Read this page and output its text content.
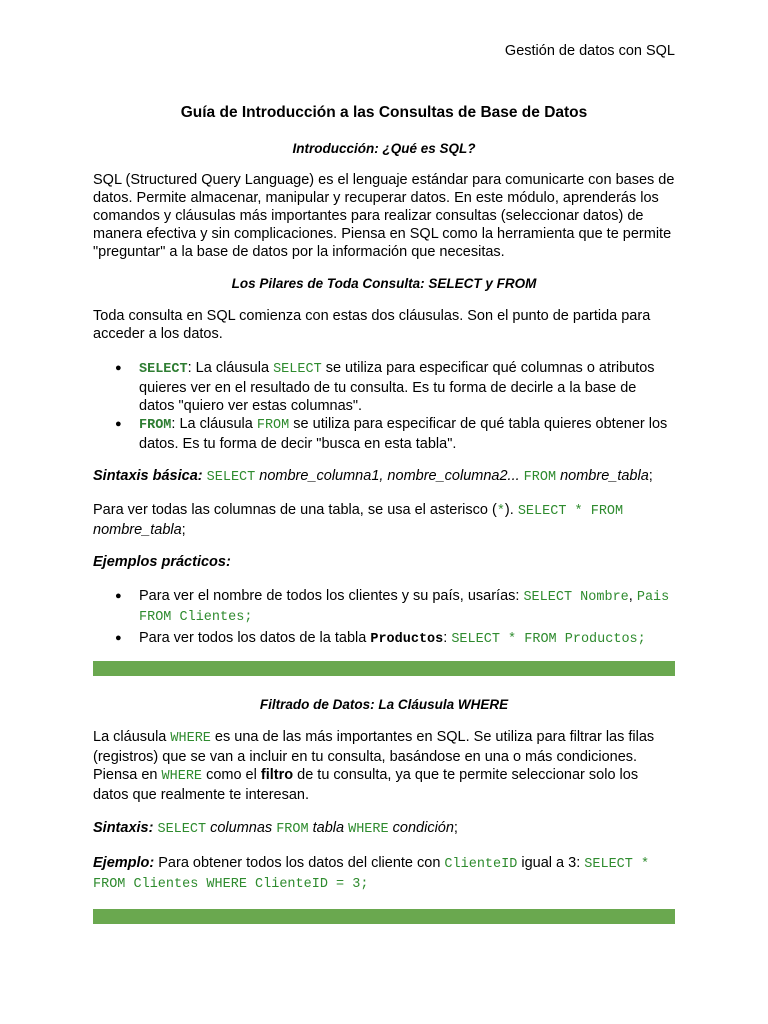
Gestión de datos con SQL
Guía de Introducción a las Consultas de Base de Datos
Introducción: ¿Qué es SQL?
SQL (Structured Query Language) es el lenguaje estándar para comunicarte con bases de datos. Permite almacenar, manipular y recuperar datos. En este módulo, aprenderás los comandos y cláusulas más importantes para realizar consultas (seleccionar datos) de manera efectiva y sin complicaciones. Piensa en SQL como la herramienta que te permite "preguntar" a la base de datos por la información que necesitas.
Los Pilares de Toda Consulta: SELECT y FROM
Toda consulta en SQL comienza con estas dos cláusulas. Son el punto de partida para acceder a los datos.
● SELECT: La cláusula SELECT se utiliza para especificar qué columnas o atributos quieres ver en el resultado de tu consulta. Es tu forma de decirle a la base de datos "quiero ver estas columnas".
● FROM: La cláusula FROM se utiliza para especificar de qué tabla quieres obtener los datos. Es tu forma de decir "busca en esta tabla".
Sintaxis básica: SELECT nombre_columna1, nombre_columna2... FROM nombre_tabla;
Para ver todas las columnas de una tabla, se usa el asterisco (*). SELECT * FROM
nombre_tabla;
Ejemplos prácticos:
● Para ver el nombre de todos los clientes y su país, usarías: SELECT Nombre, Pais
FROM Clientes;
● Para ver todos los datos de la tabla Productos: SELECT * FROM Productos;
Filtrado de Datos: La Cláusula WHERE
La cláusula WHERE es una de las más importantes en SQL. Se utiliza para filtrar las filas (registros) que se van a incluir en tu consulta, basándose en una o más condiciones. Piensa en WHERE como el filtro de tu consulta, ya que te permite seleccionar solo los datos que realmente te interesan.
Sintaxis: SELECT columnas FROM tabla WHERE condición;
Ejemplo: Para obtener todos los datos del cliente con ClienteID igual a 3: SELECT *
FROM Clientes WHERE ClienteID = 3;
